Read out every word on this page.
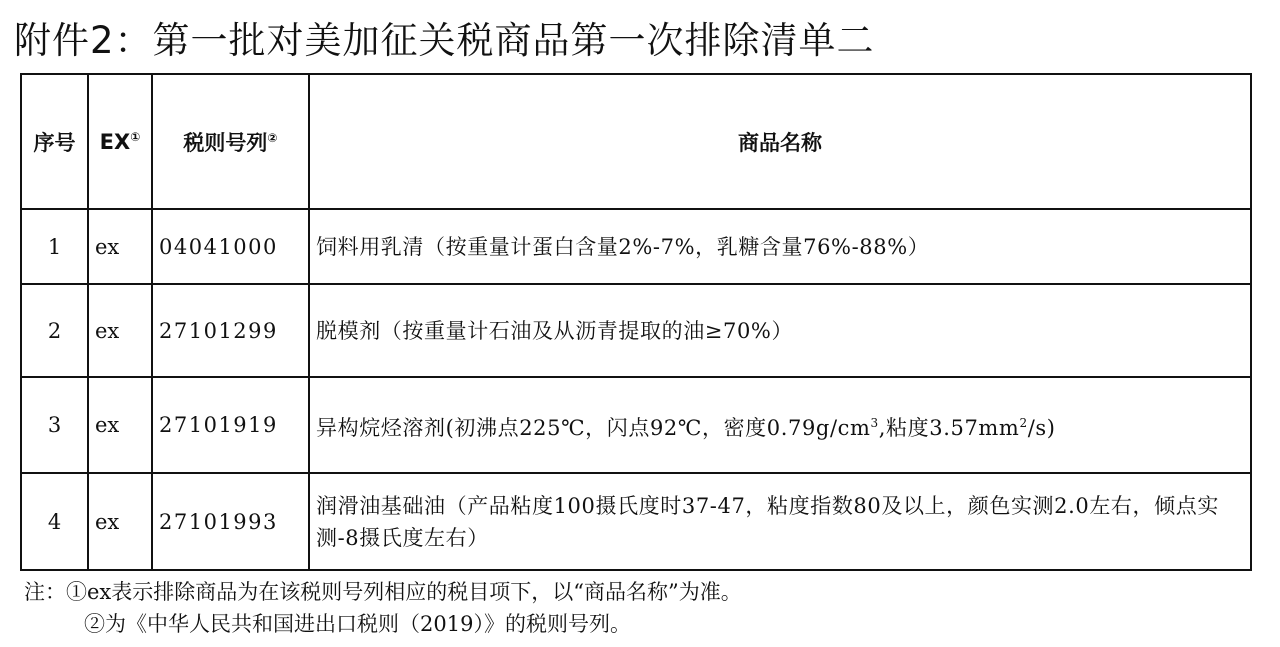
附件2：第一批对美加征关税商品第一次排除清单二
序号	EX①	税则号列②	商品名称
1	ex	04041000	饲料用乳清（按重量计蛋白含量2%-7%，乳糖含量76%-88%）
2	ex	27101299	脱模剂（按重量计石油及从沥青提取的油≥70%）
3	ex	27101919	异构烷烃溶剂(初沸点225℃，闪点92℃，密度$0.79g/cm^3$,粘度$3.57mm^2/s$)
4	ex	27101993	润滑油基础油（产品粘度100摄氏度时37-47，粘度指数80及以上，颜色实测2.0左右，倾点实测-8摄氏度左右）
注：①ex表示排除商品为在该税则号列相应的税目项下，以“商品名称”为准。
②为《中华人民共和国进出口税则（2019）》的税则号列。
